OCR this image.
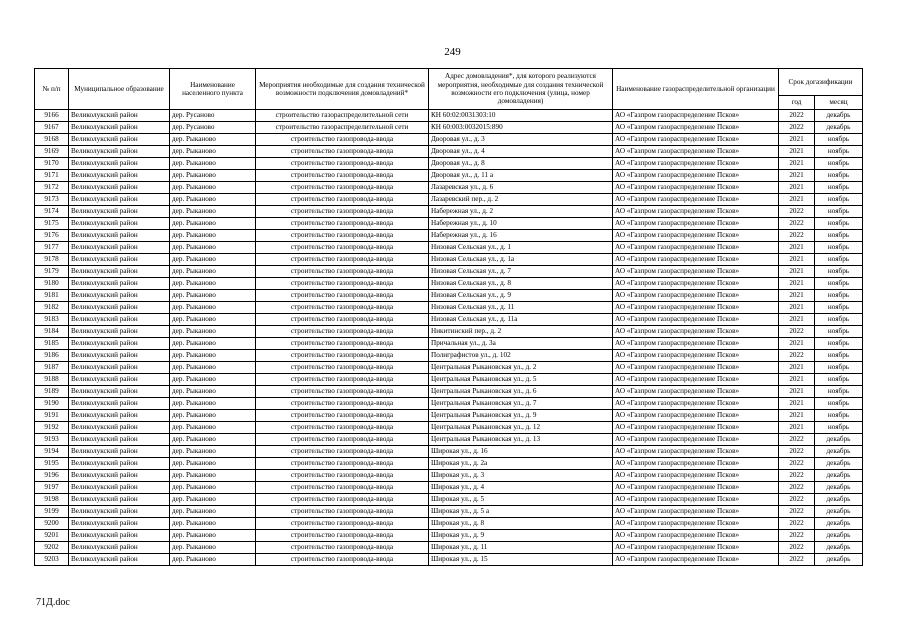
249
№ п/п	Муниципальное образование	Наименование населенного пункта	Мероприятия необходимые для создания технической возможности подключения домовладений*	Адрес домовладения*, для которого реализуются мероприятия, необходимые для создания технической возможности его подключения (улица, номер домовладения)	Наименование газораспределительной организации	Срок догазификации	
						год	месяц
9166	Великолукский район	дер. Русаново	строительство газораспределительной сети	КН 60:02:0031303:10	АО «Газпром газораспределение Псков»	2022	декабрь
9167	Великолукский район	дер. Русаново	строительство газораспределительной сети	КН 60:003:0032015:890	АО «Газпром газораспределение Псков»	2022	декабрь
9168	Великолукский район	дер. Рыканово	строительство газопровода-ввода	Дворовая ул., д. 3	АО «Газпром газораспределение Псков»	2021	ноябрь
9169	Великолукский район	дер. Рыканово	строительство газопровода-ввода	Дворовая ул., д. 4	АО «Газпром газораспределение Псков»	2021	ноябрь
9170	Великолукский район	дер. Рыканово	строительство газопровода-ввода	Дворовая ул., д. 8	АО «Газпром газораспределение Псков»	2021	ноябрь
9171	Великолукский район	дер. Рыканово	строительство газопровода-ввода	Дворовая ул., д. 11 а	АО «Газпром газораспределение Псков»	2021	ноябрь
9172	Великолукский район	дер. Рыканово	строительство газопровода-ввода	Лазаревская ул., д. 6	АО «Газпром газораспределение Псков»	2021	ноябрь
9173	Великолукский район	дер. Рыканово	строительство газопровода-ввода	Лазаревский пер., д. 2	АО «Газпром газораспределение Псков»	2021	ноябрь
9174	Великолукский район	дер. Рыканово	строительство газопровода-ввода	Набережная ул., д. 2	АО «Газпром газораспределение Псков»	2022	ноябрь
9175	Великолукский район	дер. Рыканово	строительство газопровода-ввода	Набережная ул., д. 10	АО «Газпром газораспределение Псков»	2022	ноябрь
9176	Великолукский район	дер. Рыканово	строительство газопровода-ввода	Набережная ул., д. 16	АО «Газпром газораспределение Псков»	2022	ноябрь
9177	Великолукский район	дер. Рыканово	строительство газопровода-ввода	Низовая Сельская ул., д. 1	АО «Газпром газораспределение Псков»	2021	ноябрь
9178	Великолукский район	дер. Рыканово	строительство газопровода-ввода	Низовая Сельская ул., д. 1а	АО «Газпром газораспределение Псков»	2021	ноябрь
9179	Великолукский район	дер. Рыканово	строительство газопровода-ввода	Низовая Сельская ул., д. 7	АО «Газпром газораспределение Псков»	2021	ноябрь
9180	Великолукский район	дер. Рыканово	строительство газопровода-ввода	Низовая Сельская ул., д. 8	АО «Газпром газораспределение Псков»	2021	ноябрь
9181	Великолукский район	дер. Рыканово	строительство газопровода-ввода	Низовая Сельская ул., д. 9	АО «Газпром газораспределение Псков»	2021	ноябрь
9182	Великолукский район	дер. Рыканово	строительство газопровода-ввода	Низовая Сельская ул., д. 11	АО «Газпром газораспределение Псков»	2021	ноябрь
9183	Великолукский район	дер. Рыканово	строительство газопровода-ввода	Низовая Сельская ул., д. 11а	АО «Газпром газораспределение Псков»	2021	ноябрь
9184	Великолукский район	дер. Рыканово	строительство газопровода-ввода	Никитинский пер., д. 2	АО «Газпром газораспределение Псков»	2022	ноябрь
9185	Великолукский район	дер. Рыканово	строительство газопровода-ввода	Причальная ул., д. 3а	АО «Газпром газораспределение Псков»	2021	ноябрь
9186	Великолукский район	дер. Рыканово	строительство газопровода-ввода	Полиграфистов ул., д. 102	АО «Газпром газораспределение Псков»	2022	ноябрь
9187	Великолукский район	дер. Рыканово	строительство газопровода-ввода	Центральная Рыкановская ул., д. 2	АО «Газпром газораспределение Псков»	2021	ноябрь
9188	Великолукский район	дер. Рыканово	строительство газопровода-ввода	Центральная Рыкановская ул., д. 5	АО «Газпром газораспределение Псков»	2021	ноябрь
9189	Великолукский район	дер. Рыканово	строительство газопровода-ввода	Центральная Рыкановская ул., д. 6	АО «Газпром газораспределение Псков»	2021	ноябрь
9190	Великолукский район	дер. Рыканово	строительство газопровода-ввода	Центральная Рыкановская ул., д. 7	АО «Газпром газораспределение Псков»	2021	ноябрь
9191	Великолукский район	дер. Рыканово	строительство газопровода-ввода	Центральная Рыкановская ул., д. 9	АО «Газпром газораспределение Псков»	2021	ноябрь
9192	Великолукский район	дер. Рыканово	строительство газопровода-ввода	Центральная Рыкановская ул., д. 12	АО «Газпром газораспределение Псков»	2021	ноябрь
9193	Великолукский район	дер. Рыканово	строительство газопровода-ввода	Центральная Рыкановская ул., д. 13	АО «Газпром газораспределение Псков»	2022	декабрь
9194	Великолукский район	дер. Рыканово	строительство газопровода-ввода	Широкая ул., д. 16	АО «Газпром газораспределение Псков»	2022	декабрь
9195	Великолукский район	дер. Рыканово	строительство газопровода-ввода	Широкая ул., д. 2а	АО «Газпром газораспределение Псков»	2022	декабрь
9196	Великолукский район	дер. Рыканово	строительство газопровода-ввода	Широкая ул., д. 3	АО «Газпром газораспределение Псков»	2022	декабрь
9197	Великолукский район	дер. Рыканово	строительство газопровода-ввода	Широкая ул., д. 4	АО «Газпром газораспределение Псков»	2022	декабрь
9198	Великолукский район	дер. Рыканово	строительство газопровода-ввода	Широкая ул., д. 5	АО «Газпром газораспределение Псков»	2022	декабрь
9199	Великолукский район	дер. Рыканово	строительство газопровода-ввода	Широкая ул., д. 5 а	АО «Газпром газораспределение Псков»	2022	декабрь
9200	Великолукский район	дер. Рыканово	строительство газопровода-ввода	Широкая ул., д. 8	АО «Газпром газораспределение Псков»	2022	декабрь
9201	Великолукский район	дер. Рыканово	строительство газопровода-ввода	Широкая ул., д. 9	АО «Газпром газораспределение Псков»	2022	декабрь
9202	Великолукский район	дер. Рыканово	строительство газопровода-ввода	Широкая ул., д. 11	АО «Газпром газораспределение Псков»	2022	декабрь
9203	Великолукский район	дер. Рыканово	строительство газопровода-ввода	Широкая ул., д. 15	АО «Газпром газораспределение Псков»	2022	декабрь
71Д.doc
